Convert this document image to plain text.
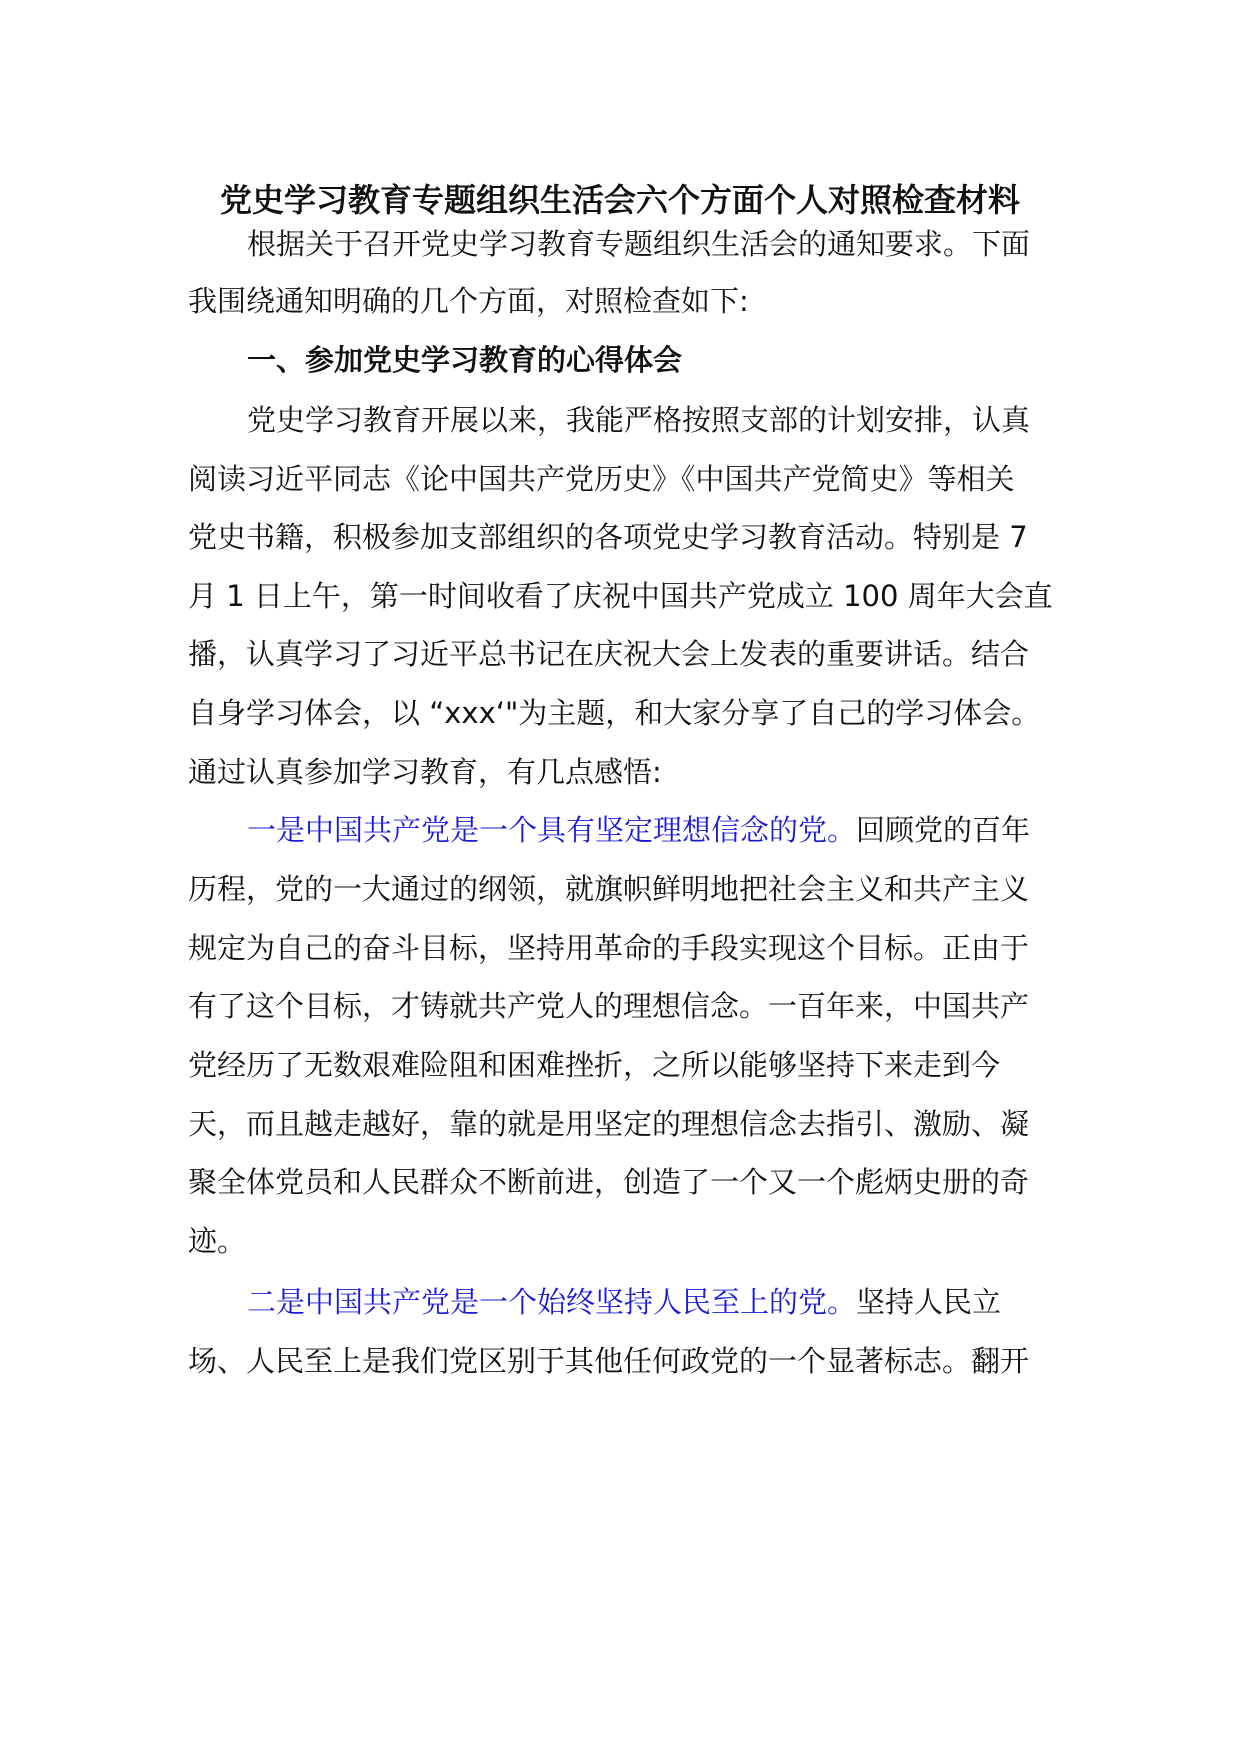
党史学习教育专题组织生活会六个方面个人对照检查材料
根据关于召开党史学习教育专题组织生活会的通知要求。下面
我围绕通知明确的几个方面，对照检查如下:
一、参加党史学习教育的心得体会
党史学习教育开展以来，我能严格按照支部的计划安排，认真
阅读习近平同志《论中国共产党历史》《中国共产党简史》等相关
党史书籍，积极参加支部组织的各项党史学习教育活动。特别是 7
月 1 日上午，第一时间收看了庆祝中国共产党成立 100 周年大会直
播，认真学习了习近平总书记在庆祝大会上发表的重要讲话。结合
自身学习体会，以 “xxx‘"为主题，和大家分享了自己的学习体会。
通过认真参加学习教育，有几点感悟:
一是中国共产党是一个具有坚定理想信念的党。回顾党的百年
历程，党的一大通过的纲领，就旗帜鲜明地把社会主义和共产主义
规定为自己的奋斗目标，坚持用革命的手段实现这个目标。正由于
有了这个目标，才铸就共产党人的理想信念。一百年来，中国共产
党经历了无数艰难险阻和困难挫折，之所以能够坚持下来走到今
天，而且越走越好，靠的就是用坚定的理想信念去指引、激励、凝
聚全体党员和人民群众不断前进，创造了一个又一个彪炳史册的奇
迹。
二是中国共产党是一个始终坚持人民至上的党。坚持人民立
场、人民至上是我们党区别于其他任何政党的一个显著标志。翻开
